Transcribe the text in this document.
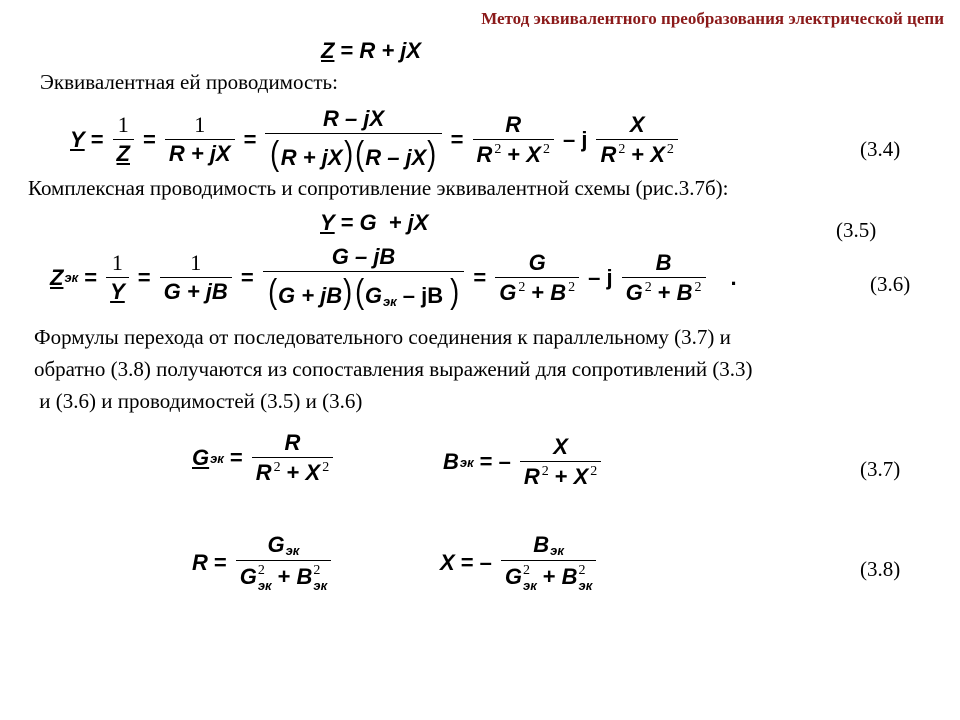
Метод эквивалентного преобразования электрической цепи
Z = R + jX
Эквивалентная ей проводимость:
$Y = \frac{1}{Z} = \frac{1}{R + jX} = \frac{R - jX}{(R + jX)(R - jX)} = \frac{R}{R ^2 + X ^2} - j \frac{X}{R ^2 + X ^2}$	(3.4)
Комплексная проводимость и сопротивление эквивалентной схемы (рис.3.7б):
Y = G + jX	(3.5)
Z эк = $\frac{1}{Y} = \frac{1}{G + jB} = \frac{G - jB}{(G + jB)(G_{эк} - jB )} = \frac{G}{G ^2 + B ^2} - j \frac{B}{G ^2 + B ^2}$ .	(3.6)
Формулы перехода от последовательного соединения к параллельному (3.7) и
обратно (3.8) получаются из сопоставления выражений для сопротивлений (3.3)
и (3.6) и проводимостей (3.5) и (3.6)
G эк = $\frac{R}{R ^2 + X ^2}$	B эк = – $\frac{X}{R ^2 + X ^2}$	(3.7)
$R = G_{эк}$
G 2
эк + B 2
эк	X = – $B_{эк}$
G 2
эк + B 2
эк	(3.8)
